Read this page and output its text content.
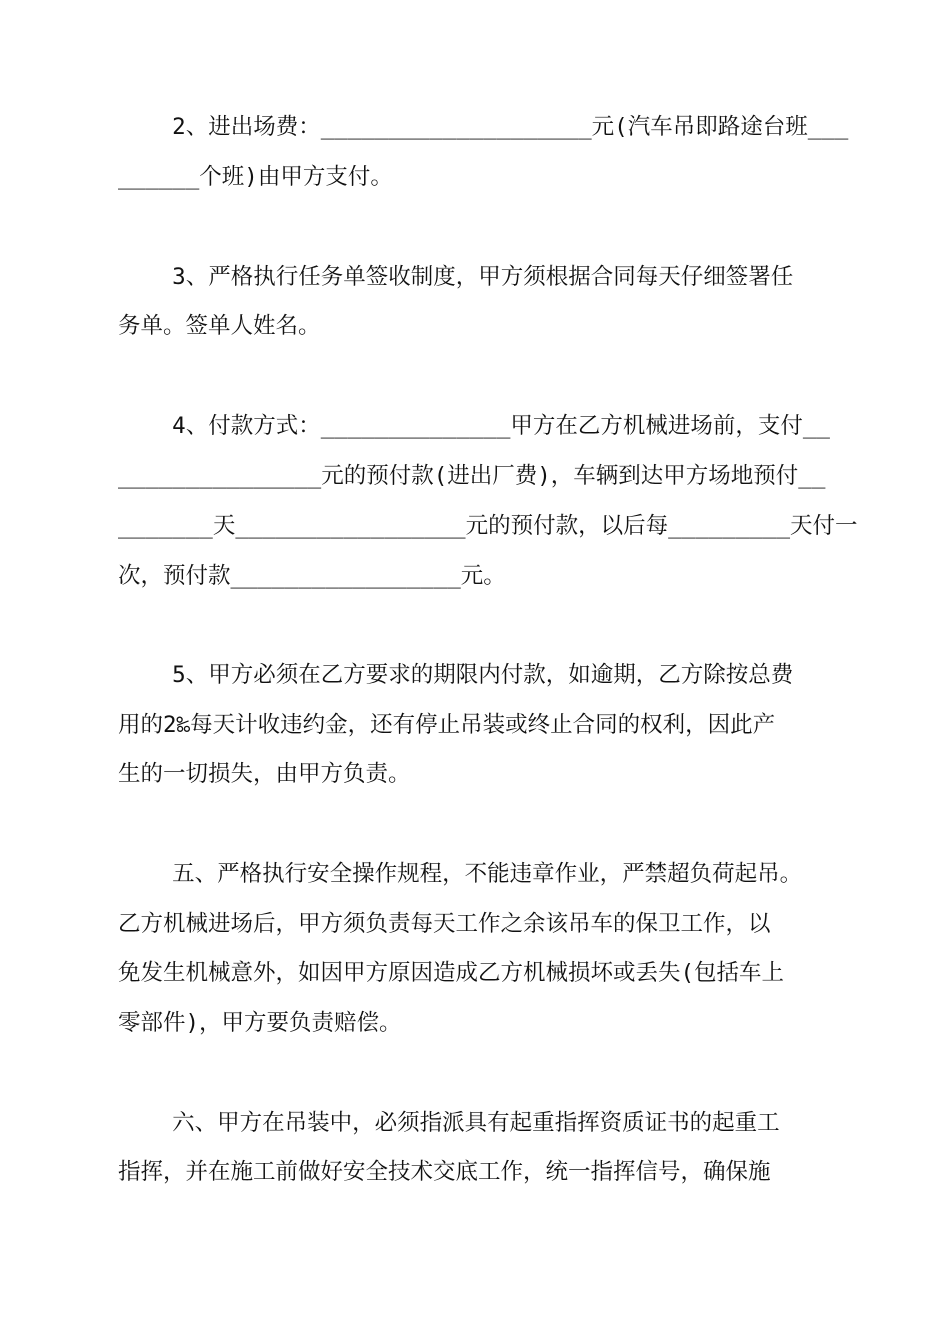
2、进出场费：____________________元(汽车吊即路途台班___
______个班)由甲方支付。
3、严格执行任务单签收制度，甲方须根据合同每天仔细签署任
务单。签单人姓名。
4、付款方式：______________甲方在乙方机械进场前，支付__
_______________元的预付款(进出厂费)，车辆到达甲方场地预付__
_______天_________________元的预付款，以后每_________天付一
次，预付款_________________元。
5、甲方必须在乙方要求的期限内付款，如逾期，乙方除按总费
用的2‰每天计收违约金，还有停止吊装或终止合同的权利，因此产
生的一切损失，由甲方负责。
五、严格执行安全操作规程，不能违章作业，严禁超负荷起吊。
乙方机械进场后，甲方须负责每天工作之余该吊车的保卫工作，以
免发生机械意外，如因甲方原因造成乙方机械损坏或丢失(包括车上
零部件)，甲方要负责赔偿。
六、甲方在吊装中，必须指派具有起重指挥资质证书的起重工
指挥，并在施工前做好安全技术交底工作，统一指挥信号，确保施
